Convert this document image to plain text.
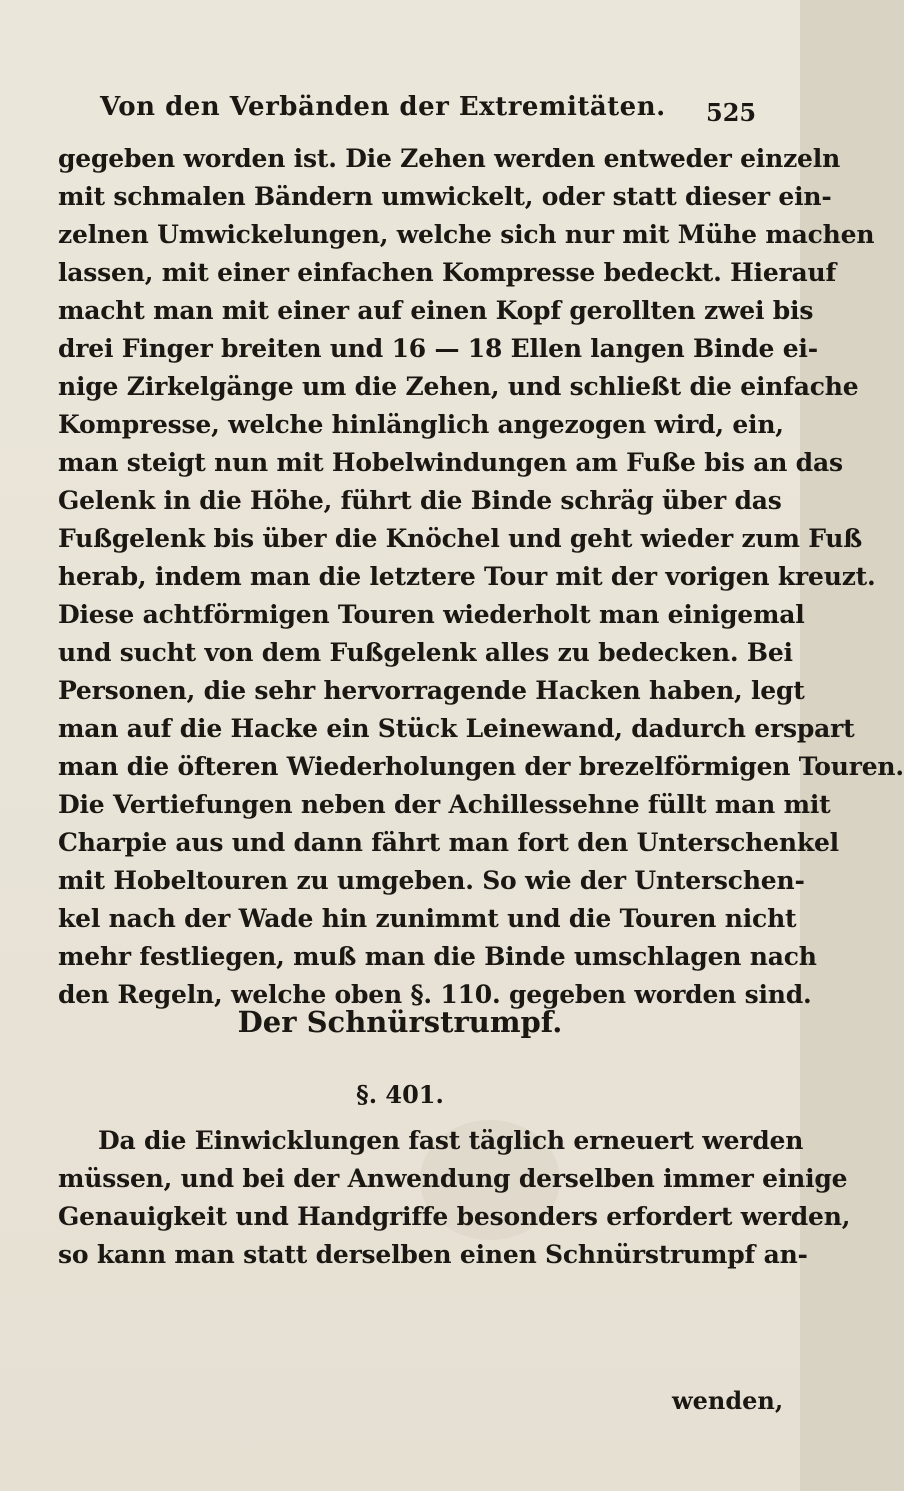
Von den Verbänden der Extremitäten. 525
gegeben worden ist. Die Zehen werden entweder einzeln
mit schmalen Bändern umwickelt, oder statt dieser ein-
zelnen Umwickelungen, welche sich nur mit Mühe machen
lassen, mit einer einfachen Kompresse bedeckt. Hierauf
macht man mit einer auf einen Kopf gerollten zwei bis
drei Finger breiten und 16 — 18 Ellen langen Binde ei-
nige Zirkelgänge um die Zehen, und schließt die einfache
Kompresse, welche hinlänglich angezogen wird, ein,
man steigt nun mit Hobelwindungen am Fuße bis an das
Gelenk in die Höhe, führt die Binde schräg über das
Fußgelenk bis über die Knöchel und geht wieder zum Fuß
herab, indem man die letztere Tour mit der vorigen kreuzt.
Diese achtförmigen Touren wiederholt man einigemal
und sucht von dem Fußgelenk alles zu bedecken. Bei
Personen, die sehr hervorragende Hacken haben, legt
man auf die Hacke ein Stück Leinewand, dadurch erspart
man die öfteren Wiederholungen der brezelförmigen Touren.
Die Vertiefungen neben der Achillessehne füllt man mit
Charpie aus und dann fährt man fort den Unterschenkel
mit Hobeltouren zu umgeben. So wie der Unterschen-
kel nach der Wade hin zunimmt und die Touren nicht
mehr festliegen, muß man die Binde umschlagen nach
den Regeln, welche oben §. 110. gegeben worden sind.
Der Schnürstrumpf.
§. 401.
Da die Einwicklungen fast täglich erneuert werden
müssen, und bei der Anwendung derselben immer einige
Genauigkeit und Handgriffe besonders erfordert werden,
so kann man statt derselben einen Schnürstrumpf an-
wenden,
